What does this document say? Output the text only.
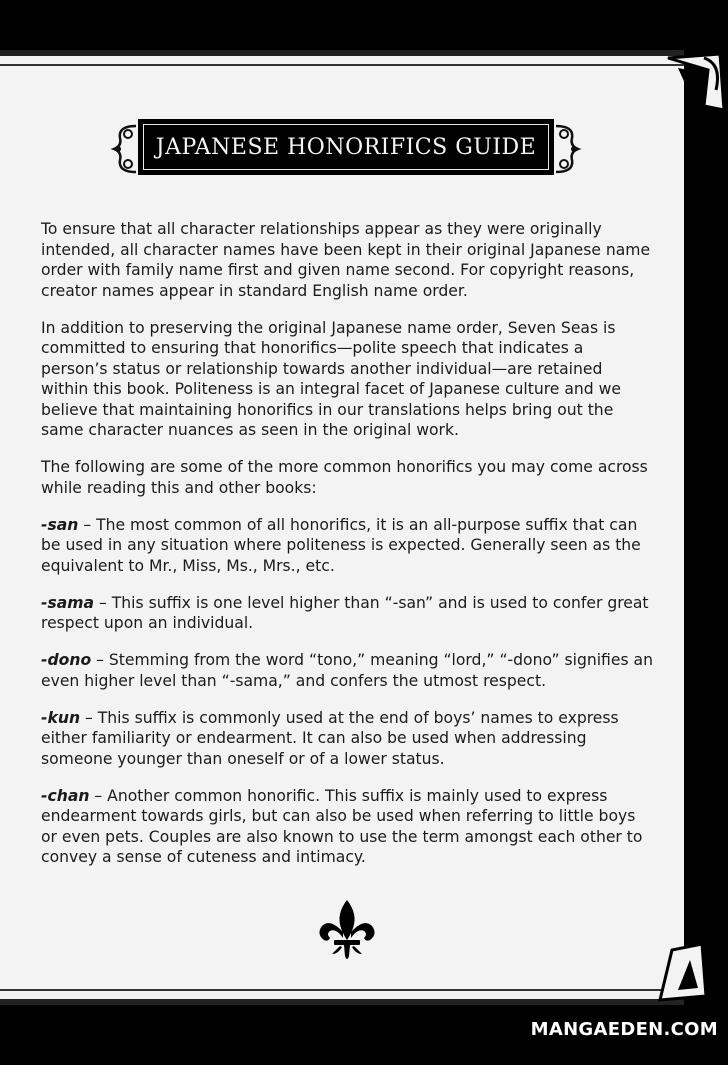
JAPANESE HONORIFICS GUIDE

To ensure that all character relationships appear as they were originally intended, all character names have been kept in their original Japanese name order with family name first and given name second. For copyright reasons, creator names appear in standard English name order.

In addition to preserving the original Japanese name order, Seven Seas is committed to ensuring that honorifics—polite speech that indicates a person’s status or relationship towards another individual—are retained within this book. Politeness is an integral facet of Japanese culture and we believe that maintaining honorifics in our translations helps bring out the same character nuances as seen in the original work.

The following are some of the more common honorifics you may come across while reading this and other books:

-san – The most common of all honorifics, it is an all-purpose suffix that can be used in any situation where politeness is expected. Generally seen as the equivalent to Mr., Miss, Ms., Mrs., etc.

-sama – This suffix is one level higher than “-san” and is used to confer great respect upon an individual.

-dono – Stemming from the word “tono,” meaning “lord,” “-dono” signifies an even higher level than “-sama,” and confers the utmost respect.

-kun – This suffix is commonly used at the end of boys’ names to express either familiarity or endearment. It can also be used when addressing someone younger than oneself or of a lower status.

-chan – Another common honorific. This suffix is mainly used to express endearment towards girls, but can also be used when referring to little boys or even pets. Couples are also known to use the term amongst each other to convey a sense of cuteness and intimacy.

MANGAEDEN.COM
